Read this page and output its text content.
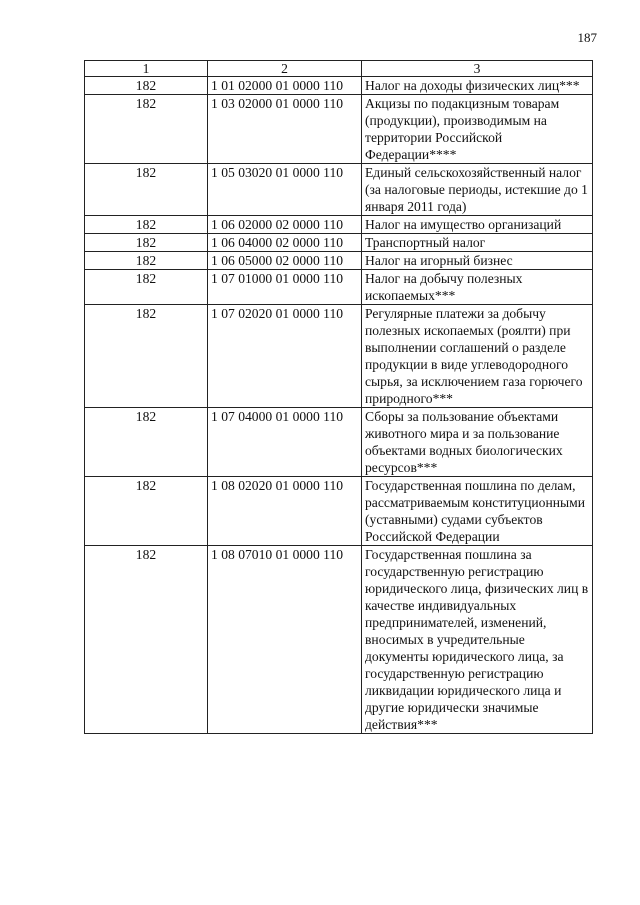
187
1	2	3
182	1 01 02000 01 0000 110	Налог на доходы физических лиц***
182	1 03 02000 01 0000 110	Акцизы по подакцизным товарам (продукции), производимым на территории Российской Федерации****
182	1 05 03020 01 0000 110	Единый сельскохозяйственный налог (за налоговые периоды, истекшие до 1 января 2011 года)
182	1 06 02000 02 0000 110	Налог на имущество организаций
182	1 06 04000 02 0000 110	Транспортный налог
182	1 06 05000 02 0000 110	Налог на игорный бизнес
182	1 07 01000 01 0000 110	Налог на добычу полезных ископаемых***
182	1 07 02020 01 0000 110	Регулярные платежи за добычу полезных ископаемых (роялти) при выполнении соглашений о разделе продукции в виде углеводородного сырья, за исключением газа горючего природного***
182	1 07 04000 01 0000 110	Сборы за пользование объектами животного мира и за пользование объектами водных биологических ресурсов***
182	1 08 02020 01 0000 110	Государственная пошлина по делам, рассматриваемым конституционными (уставными) судами субъектов Российской Федерации
182	1 08 07010 01 0000 110	Государственная пошлина за государственную регистрацию юридического лица, физических лиц в качестве индивидуальных предпринимателей, изменений, вносимых в учредительные документы юридического лица, за государственную регистрацию ликвидации юридического лица и другие юридически значимые действия***
